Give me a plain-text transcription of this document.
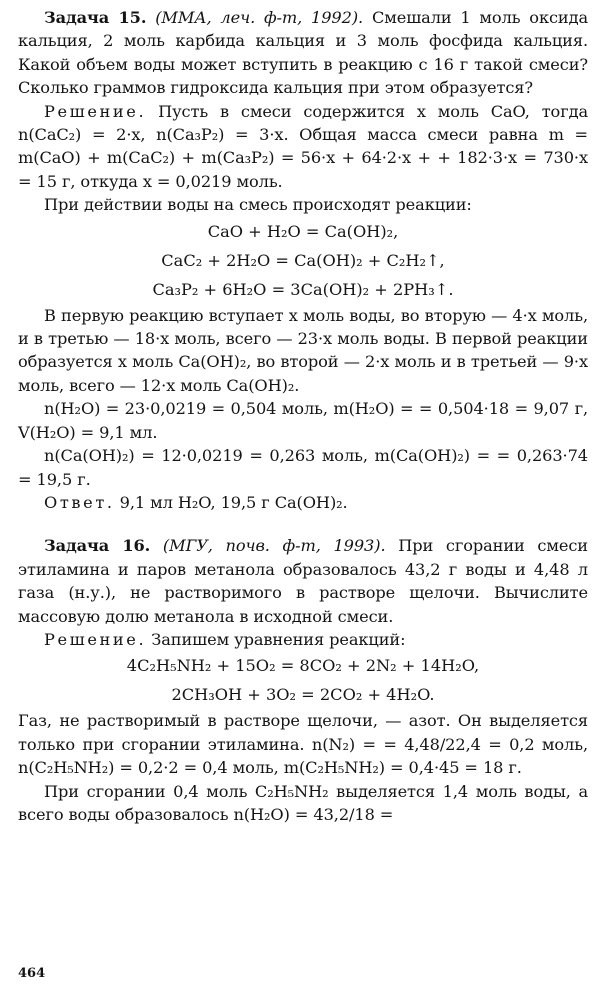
Задача 15. (ММА, леч. ф-т, 1992). Смешали 1 моль оксида кальция, 2 моль карбида кальция и 3 моль фосфида кальция. Какой объем воды может вступить в реакцию с 16 г такой смеси? Сколько граммов гидроксида кальция при этом образуется?

Решение. Пусть в смеси содержится x моль CaO, тогда n(CaC₂) = 2·x, n(Ca₃P₂) = 3·x. Общая масса смеси равна m = m(CaO) + m(CaC₂) + m(Ca₃P₂) = 56·x + 64·2·x + + 182·3·x = 730·x = 15 г, откуда x = 0,0219 моль.

При действии воды на смесь происходят реакции:

CaO + H₂O = Ca(OH)₂,

CaC₂ + 2H₂O = Ca(OH)₂ + C₂H₂↑,

Ca₃P₂ + 6H₂O = 3Ca(OH)₂ + 2PH₃↑.

В первую реакцию вступает x моль воды, во вторую — 4·x моль, и в третью — 18·x моль, всего — 23·x моль воды. В первой реакции образуется x моль Ca(OH)₂, во второй — 2·x моль и в третьей — 9·x моль, всего — 12·x моль Ca(OH)₂.

n(H₂O) = 23·0,0219 = 0,504 моль, m(H₂O) = = 0,504·18 = 9,07 г, V(H₂O) = 9,1 мл.

n(Ca(OH)₂) = 12·0,0219 = 0,263 моль, m(Ca(OH)₂) = = 0,263·74 = 19,5 г.

Ответ. 9,1 мл H₂O, 19,5 г Ca(OH)₂.

Задача 16. (МГУ, почв. ф-т, 1993). При сгорании смеси этиламина и паров метанола образовалось 43,2 г воды и 4,48 л газа (н.у.), не растворимого в растворе щелочи. Вычислите массовую долю метанола в исходной смеси.

Решение. Запишем уравнения реакций:

4C₂H₅NH₂ + 15O₂ = 8CO₂ + 2N₂ + 14H₂O,

2CH₃OH + 3O₂ = 2CO₂ + 4H₂O.

Газ, не растворимый в растворе щелочи, — азот. Он выделяется только при сгорании этиламина. n(N₂) = = 4,48/22,4 = 0,2 моль, n(C₂H₅NH₂) = 0,2·2 = 0,4 моль, m(C₂H₅NH₂) = 0,4·45 = 18 г.

При сгорании 0,4 моль C₂H₅NH₂ выделяется 1,4 моль воды, а всего воды образовалось n(H₂O) = 43,2/18 =

464
